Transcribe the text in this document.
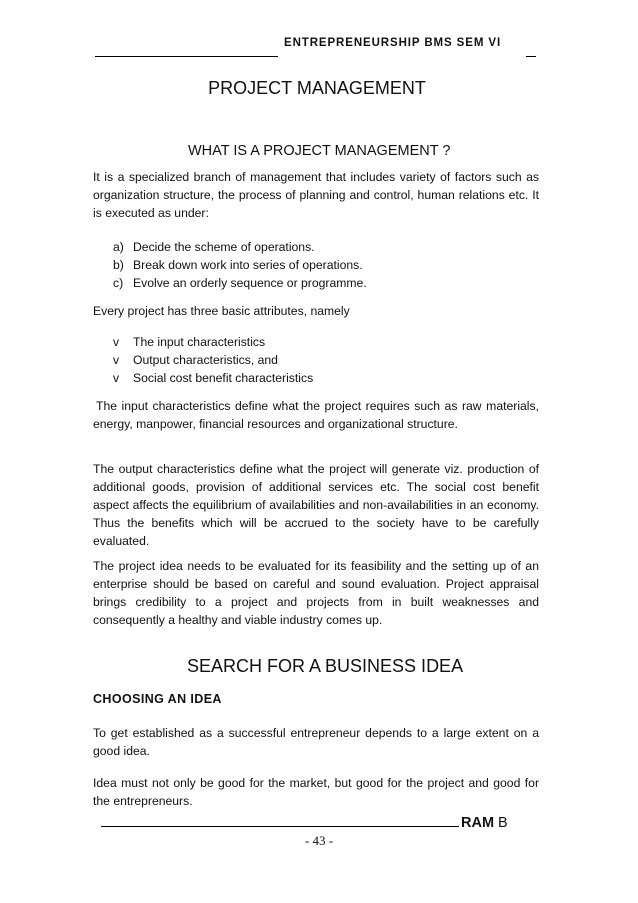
ENTREPRENEURSHIP BMS SEM VI
PROJECT MANAGEMENT
WHAT IS A PROJECT MANAGEMENT ?

It is a specialized branch of management that includes variety of factors such as organization structure, the process of planning and control, human relations etc. It is executed as under:

a) Decide the scheme of operations.
b) Break down work into series of operations.
c) Evolve an orderly sequence or programme.

Every project has three basic attributes, namely

v The input characteristics
v Output characteristics, and
v Social cost benefit characteristics

The input characteristics define what the project requires such as raw materials, energy, manpower, financial resources and organizational structure.

The output characteristics define what the project will generate viz. production of additional goods, provision of additional services etc. The social cost benefit aspect affects the equilibrium of availabilities and non-availabilities in an economy. Thus the benefits which will be accrued to the society have to be carefully evaluated.

The project idea needs to be evaluated for its feasibility and the setting up of an enterprise should be based on careful and sound evaluation. Project appraisal brings credibility to a project and projects from in built weaknesses and consequently a healthy and viable industry comes up.

SEARCH FOR A BUSINESS IDEA
CHOOSING AN IDEA

To get established as a successful entrepreneur depends to a large extent on a good idea.

Idea must not only be good for the market, but good for the project and good for the entrepreneurs.

RAM B
- 43 -
